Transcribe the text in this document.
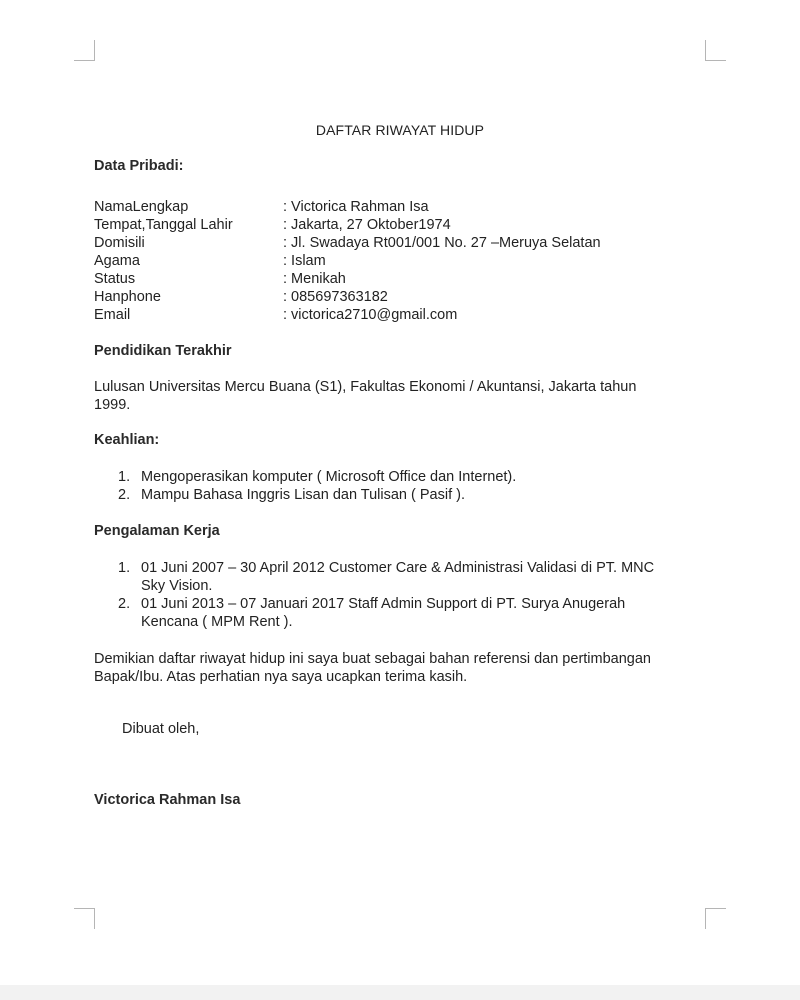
DAFTAR RIWAYAT HIDUP
Data Pribadi:
NamaLengkap	: Victorica Rahman Isa
Tempat,Tanggal Lahir	: Jakarta, 27 Oktober1974
Domisili	: Jl. Swadaya Rt001/001 No. 27 –Meruya Selatan
Agama	: Islam
Status	: Menikah
Hanphone	: 085697363182
Email	: victorica2710@gmail.com
Pendidikan Terakhir
Lulusan Universitas Mercu Buana (S1), Fakultas Ekonomi / Akuntansi, Jakarta tahun
1999.
Keahlian:
1. Mengoperasikan komputer ( Microsoft Office dan Internet).
2. Mampu Bahasa Inggris Lisan dan Tulisan ( Pasif ).
Pengalaman Kerja
1. 01 Juni 2007 – 30 April 2012 Customer Care & Administrasi Validasi di PT. MNC
Sky Vision.
2. 01 Juni 2013 – 07 Januari 2017 Staff Admin Support di PT. Surya Anugerah
Kencana ( MPM Rent ).
Demikian daftar riwayat hidup ini saya buat sebagai bahan referensi dan pertimbangan
Bapak/Ibu. Atas perhatian nya saya ucapkan terima kasih.
Dibuat oleh,
Victorica Rahman Isa
